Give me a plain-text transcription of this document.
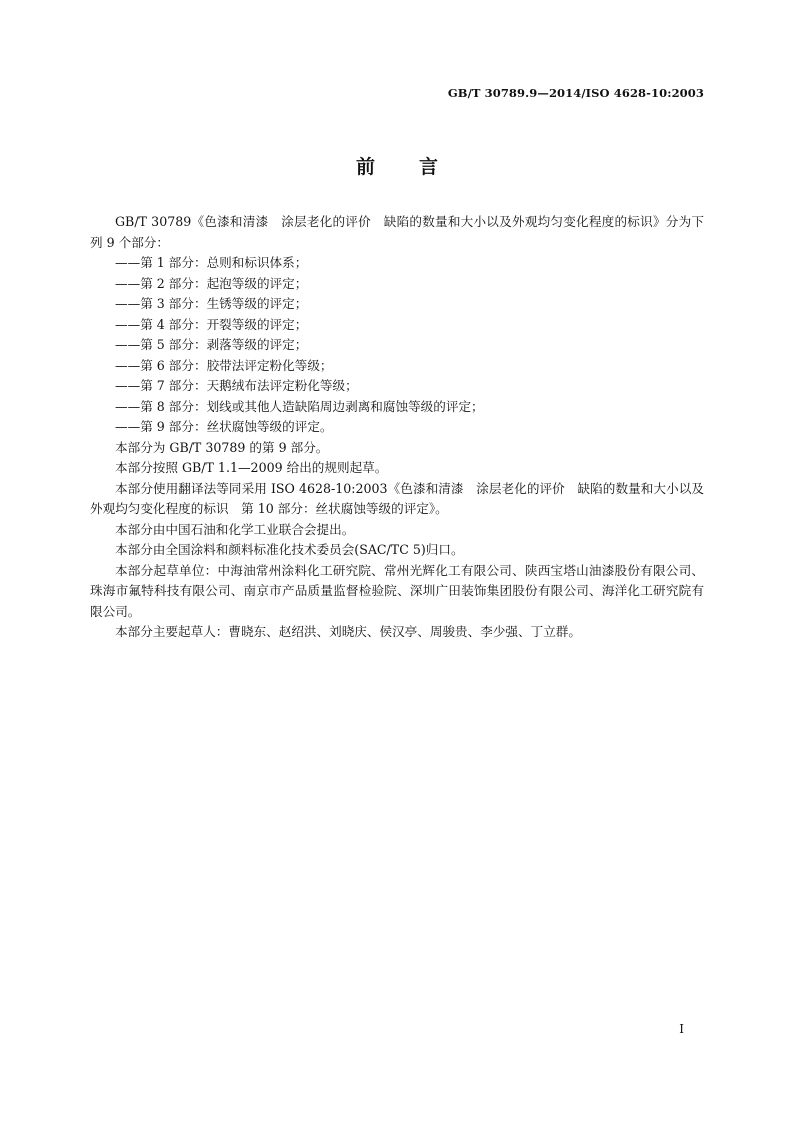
GB/T 30789.9—2014/ISO 4628-10:2003
前言

GB/T 30789《色漆和清漆　涂层老化的评价　缺陷的数量和大小以及外观均匀变化程度的标识》分为下列 9 个部分：

——第 1 部分：总则和标识体系；

——第 2 部分：起泡等级的评定；

——第 3 部分：生锈等级的评定；

——第 4 部分：开裂等级的评定；

——第 5 部分：剥落等级的评定；

——第 6 部分：胶带法评定粉化等级；

——第 7 部分：天鹅绒布法评定粉化等级；

——第 8 部分：划线或其他人造缺陷周边剥离和腐蚀等级的评定；

——第 9 部分：丝状腐蚀等级的评定。

本部分为 GB/T 30789 的第 9 部分。

本部分按照 GB/T 1.1—2009 给出的规则起草。

本部分使用翻译法等同采用 ISO 4628-10:2003《色漆和清漆　涂层老化的评价　缺陷的数量和大小以及外观均匀变化程度的标识　第 10 部分：丝状腐蚀等级的评定》。

本部分由中国石油和化学工业联合会提出。

本部分由全国涂料和颜料标准化技术委员会(SAC/TC 5)归口。

本部分起草单位：中海油常州涂料化工研究院、常州光辉化工有限公司、陕西宝塔山油漆股份有限公司、珠海市氟特科技有限公司、南京市产品质量监督检验院、深圳广田装饰集团股份有限公司、海洋化工研究院有限公司。

本部分主要起草人：曹晓东、赵绍洪、刘晓庆、侯汉亭、周骏贵、李少强、丁立群。

I
